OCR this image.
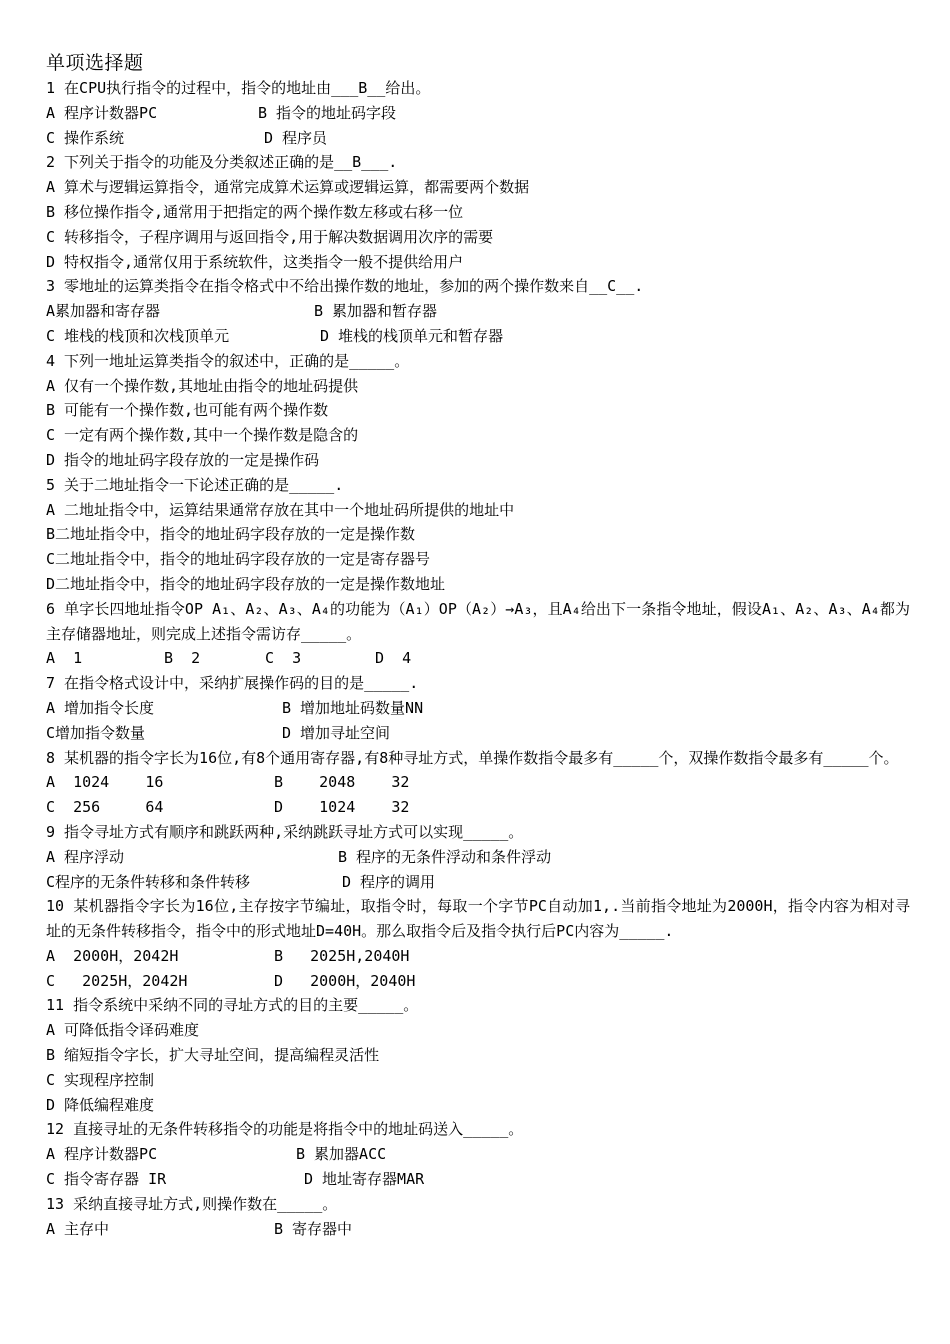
单项选择题
1 在CPU执行指令的过程中，指令的地址由___B__给出。
A 程序计数器PC	B 指令的地址码字段
C 操作系统	D 程序员
2 下列关于指令的功能及分类叙述正确的是__B___.
A 算术与逻辑运算指令，通常完成算术运算或逻辑运算，都需要两个数据
B 移位操作指令,通常用于把指定的两个操作数左移或右移一位
C 转移指令，子程序调用与返回指令,用于解决数据调用次序的需要
D 特权指令,通常仅用于系统软件，这类指令一般不提供给用户
3 零地址的运算类指令在指令格式中不给出操作数的地址，参加的两个操作数来自__C__.
A累加器和寄存器	B 累加器和暂存器
C 堆栈的栈顶和次栈顶单元	D 堆栈的栈顶单元和暂存器
4 下列一地址运算类指令的叙述中，正确的是_____。
A 仅有一个操作数,其地址由指令的地址码提供
B 可能有一个操作数,也可能有两个操作数
C 一定有两个操作数,其中一个操作数是隐含的
D 指令的地址码字段存放的一定是操作码
5 关于二地址指令一下论述正确的是_____.
A 二地址指令中，运算结果通常存放在其中一个地址码所提供的地址中
B二地址指令中，指令的地址码字段存放的一定是操作数
C二地址指令中，指令的地址码字段存放的一定是寄存器号
D二地址指令中，指令的地址码字段存放的一定是操作数地址
6 单字长四地址指令OP A₁、A₂、A₃、A₄的功能为（A₁）OP（A₂）→A₃，且A₄给出下一条指令地址，假设A₁、A₂、A₃、A₄都为主存储器地址，则完成上述指令需访存_____。
A  1	B  2	C  3	D  4
7 在指令格式设计中，采纳扩展操作码的目的是_____.
A 增加指令长度	B 增加地址码数量NN
C增加指令数量	D 增加寻址空间
8 某机器的指令字长为16位,有8个通用寄存器,有8种寻址方式，单操作数指令最多有_____个，双操作数指令最多有_____个。
A  1024    16	B    2048    32
C  256     64	D    1024    32
9 指令寻址方式有顺序和跳跃两种,采纳跳跃寻址方式可以实现_____。
A 程序浮动	B 程序的无条件浮动和条件浮动
C程序的无条件转移和条件转移	D 程序的调用
10 某机器指令字长为16位,主存按字节编址，取指令时，每取一个字节PC自动加1,.当前指令地址为2000H，指令内容为相对寻址的无条件转移指令，指令中的形式地址D=40H。那么取指令后及指令执行后PC内容为_____.
A  2000H，2042H	B   2025H,2040H
C   2025H，2042H	D   2000H，2040H
11 指令系统中采纳不同的寻址方式的目的主要_____。
A 可降低指令译码难度
B 缩短指令字长，扩大寻址空间，提高编程灵活性
C 实现程序控制
D 降低编程难度
12 直接寻址的无条件转移指令的功能是将指令中的地址码送入_____。
A 程序计数器PC	B 累加器ACC
C 指令寄存器 IR	D 地址寄存器MAR
13 采纳直接寻址方式,则操作数在_____。
A 主存中	B 寄存器中
